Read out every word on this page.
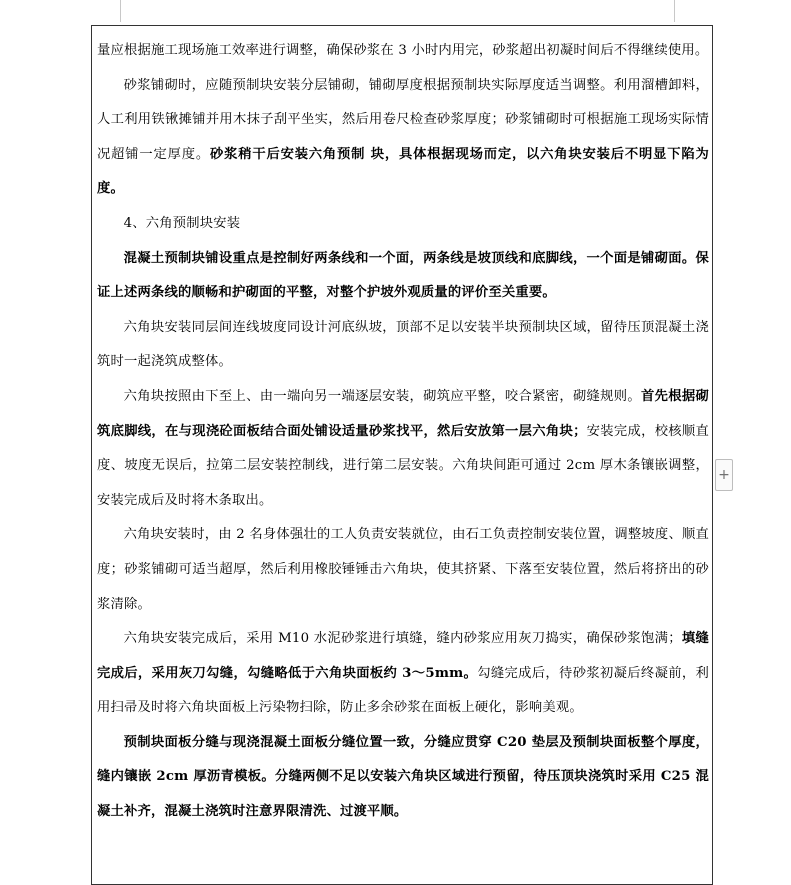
量应根据施工现场施工效率进行调整，确保砂浆在 3 小时内用完，砂浆超出初凝时间后不得继续使用。

砂浆铺砌时，应随预制块安装分层铺砌，铺砌厚度根据预制块实际厚度适当调整。利用溜槽卸料，人工利用铁锹摊铺并用木抹子刮平坐实，然后用卷尺检查砂浆厚度；砂浆铺砌时可根据施工现场实际情况超铺一定厚度。砂浆稍干后安装六角预制 块，具体根据现场而定，以六角块安装后不明显下陷为度。

4、六角预制块安装

混凝土预制块铺设重点是控制好两条线和一个面，两条线是坡顶线和底脚线，一个面是铺砌面。保证上述两条线的顺畅和护砌面的平整，对整个护坡外观质量的评价至关重要。

六角块安装同层间连线坡度同设计河底纵坡，顶部不足以安装半块预制块区域，留待压顶混凝土浇筑时一起浇筑成整体。

六角块按照由下至上、由一端向另一端逐层安装，砌筑应平整，咬合紧密，砌缝规则。首先根据砌筑底脚线，在与现浇砼面板结合面处铺设适量砂浆找平，然后安放第一层六角块；安装完成，校核顺直度、坡度无误后，拉第二层安装控制线，进行第二层安装。六角块间距可通过 2cm 厚木条镶嵌调整，安装完成后及时将木条取出。

六角块安装时，由 2 名身体强壮的工人负责安装就位，由石工负责控制安装位置，调整坡度、顺直度；砂浆铺砌可适当超厚，然后利用橡胶锤锤击六角块，使其挤紧、下落至安装位置，然后将挤出的砂浆清除。

六角块安装完成后，采用 M10 水泥砂浆进行填缝，缝内砂浆应用灰刀捣实，确保砂浆饱满；填缝完成后，采用灰刀勾缝，勾缝略低于六角块面板约 3～5mm。勾缝完成后，待砂浆初凝后终凝前，利用扫帚及时将六角块面板上污染物扫除，防止多余砂浆在面板上硬化，影响美观。

预制块面板分缝与现浇混凝土面板分缝位置一致，分缝应贯穿 C20 垫层及预制块面板整个厚度，缝内镶嵌 2cm 厚沥青模板。分缝两侧不足以安装六角块区域进行预留，待压顶块浇筑时采用 C25 混凝土补齐，混凝土浇筑时注意界限清洗、过渡平顺。

+
